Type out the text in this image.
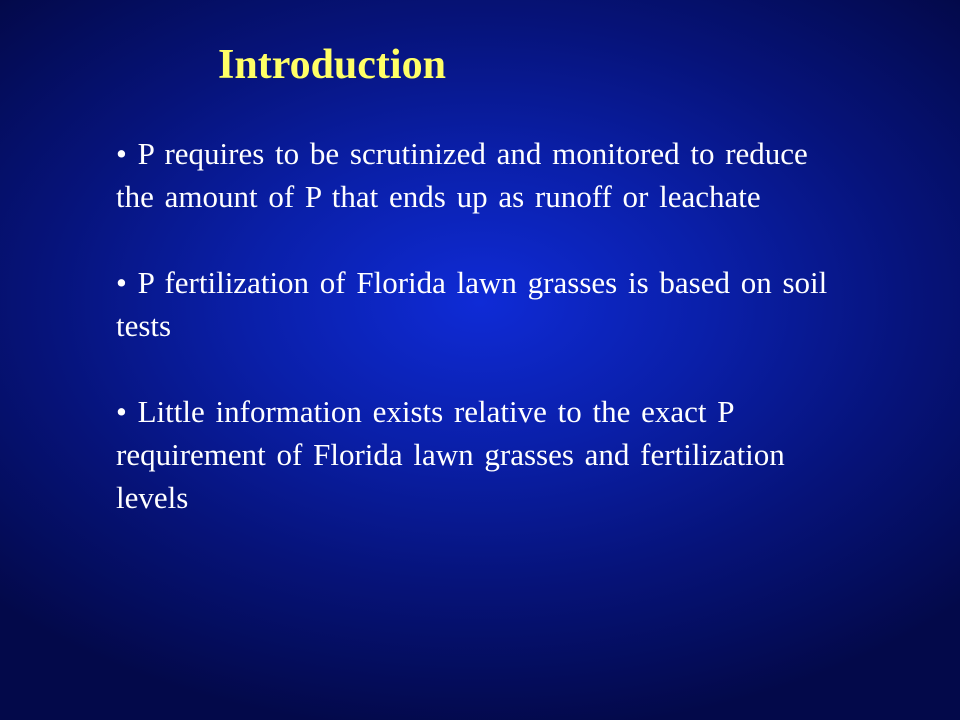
Introduction
• P requires to be scrutinized and monitored to reduce the amount of P that ends up as runoff or leachate
• P fertilization of Florida lawn grasses is based on soil tests
• Little information exists relative to the exact P requirement of Florida lawn grasses and fertilization levels
